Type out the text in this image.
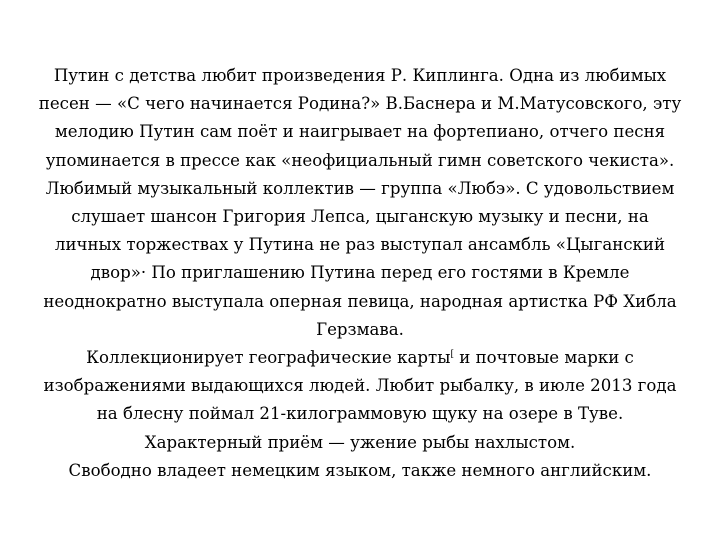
Путин с детства любит произведения Р. Киплинга. Одна из любимых
песен — «С чего начинается Родина?» В.Баснера и М.Матусовского, эту
мелодию Путин сам поёт и наигрывает на фортепиано, отчего песня
упоминается в прессе как «неофициальный гимн советского чекиста».
Любимый музыкальный коллектив — группа «Любэ». С удовольствием
слушает шансон Григория Лепса, цыганскую музыку и песни, на
личных торжествах у Путина не раз выступал ансамбль «Цыганский
двор»· По приглашению Путина перед его гостями в Кремле
неоднократно выступала оперная певица, народная артистка РФ Хибла
Герзмава.
Коллекционирует географические карты[ и почтовые марки с
изображениями выдающихся людей. Любит рыбалку, в июле 2013 года
на блесну поймал 21-килограммовую щуку на озере в Туве.
Характерный приём — ужение рыбы нахлыстом.
Свободно владеет немецким языком, также немного английским.
